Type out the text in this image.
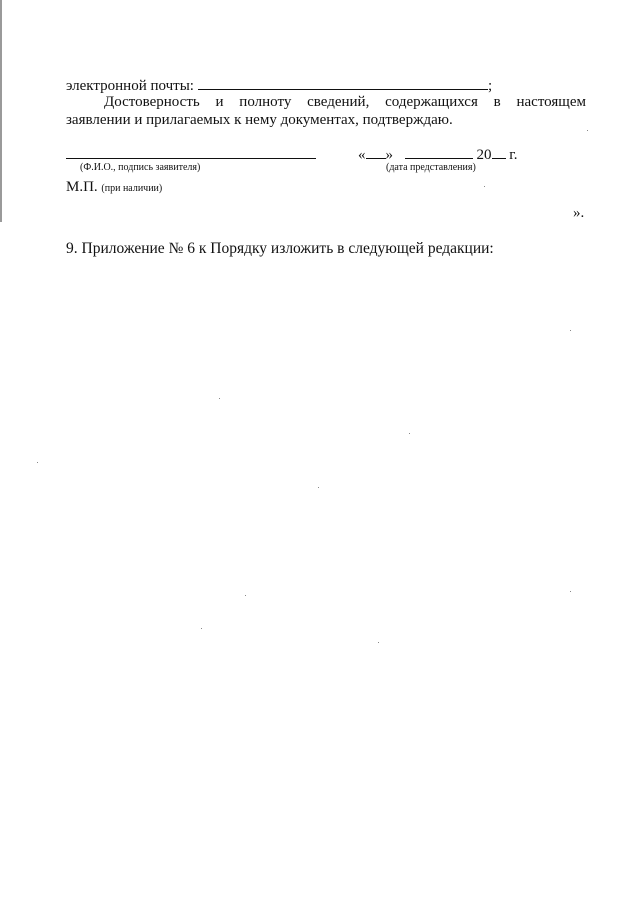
электронной почты:	;
Достоверность и полноту сведений, содержащихся в настоящем
заявлении и прилагаемых к нему документах, подтверждаю.
(Ф.И.О., подпись заявителя)
« »	20 г.
(дата представления)
М.П. (при наличии)
».
9. Приложение № 6 к Порядку изложить в следующей редакции:
